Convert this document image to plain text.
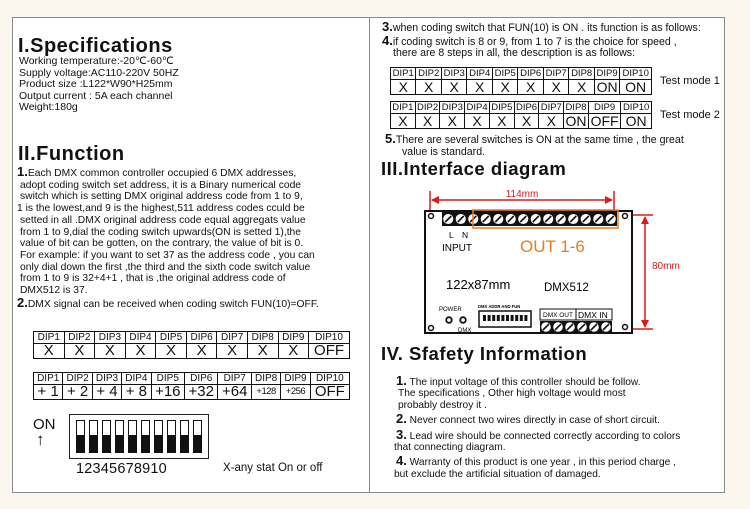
I.Specifications
Working temperature:-20℃-60℃
Supply voltage:AC110-220V 50HZ
Product size :L122*W90*H25mm
Output current : 5A each channel
Weight:180g
II.Function
1.Each DMX common controller occupied 6 DMX addresses,
adopt coding switch set address, it is a Binary numerical code
switch which is setting DMX original address code from 1 to 9,
1 is the lowest,and 9 is the highest,511 address codes cculd be
setted in all .DMX original address code equal aggregats value
from 1 to 9,dial the coding switch upwards(ON is setted 1),the
value of bit can be gotten, on the contrary, the value of bit is 0.
For example: if you want to set 37 as the address code , you can
only dial down the first ,the third and the sixth code switch value
from 1 to 9 is 32+4+1 , that is ,the original address code of
DMX512 is 37.
2.DMX signal can be received when coding switch FUN(10)=OFF.
DIP1	DIP2	DIP3	DIP4	DIP5	DIP6	DIP7	DIP8	DIP9	DIP10
X	X	X	X	X	X	X	X	X	OFF
DIP1	DIP2	DIP3	DIP4	DIP5	DIP6	DIP7	DIP8	DIP9	DIP10
+ 1	+ 2	+ 4	+ 8	+16	+32	+64	+128	+256	OFF
ON
↑
12345678910	X-any stat On or off
3.when coding switch that FUN(10) is ON . its function is as follows:
4.if coding switch is 8 or 9, from 1 to 7 is the choice for speed ,
there are 8 steps in all, the description is as follows:
DIP1	DIP2	DIP3	DIP4	DIP5	DIP6	DIP7	DIP8	DIP9	DIP10
X	X	X	X	X	X	X	X	ON	ON Test mode 1
DIP1	DIP2	DIP3	DIP4	DIP5	DIP6	DIP7	DIP8	DIP9	DIP10
X	X	X	X	X	X	X	ON	OFF	ON Test mode 2
5.There are several switches is ON at the same time , the great
value is standard.
III.Interface diagram
114mm
80mm
L N
INPUT	OUT 1-6
122x87mm	DMX512
POWER
DMX
DMX ADDR AND FUN
DMX OUT DMX IN
IV. Sfafety Information
1. The input voltage of this controller should be follow.
The specifications , Other high voltage would most
probably destroy it .
2. Never connect two wires directly in case of short circuit.
3. Lead wire should be connected correctly according to colors
that connecting diagram.
4. Warranty of this product is one year , in this period charge ,
but exclude the artificial situation of damaged.
